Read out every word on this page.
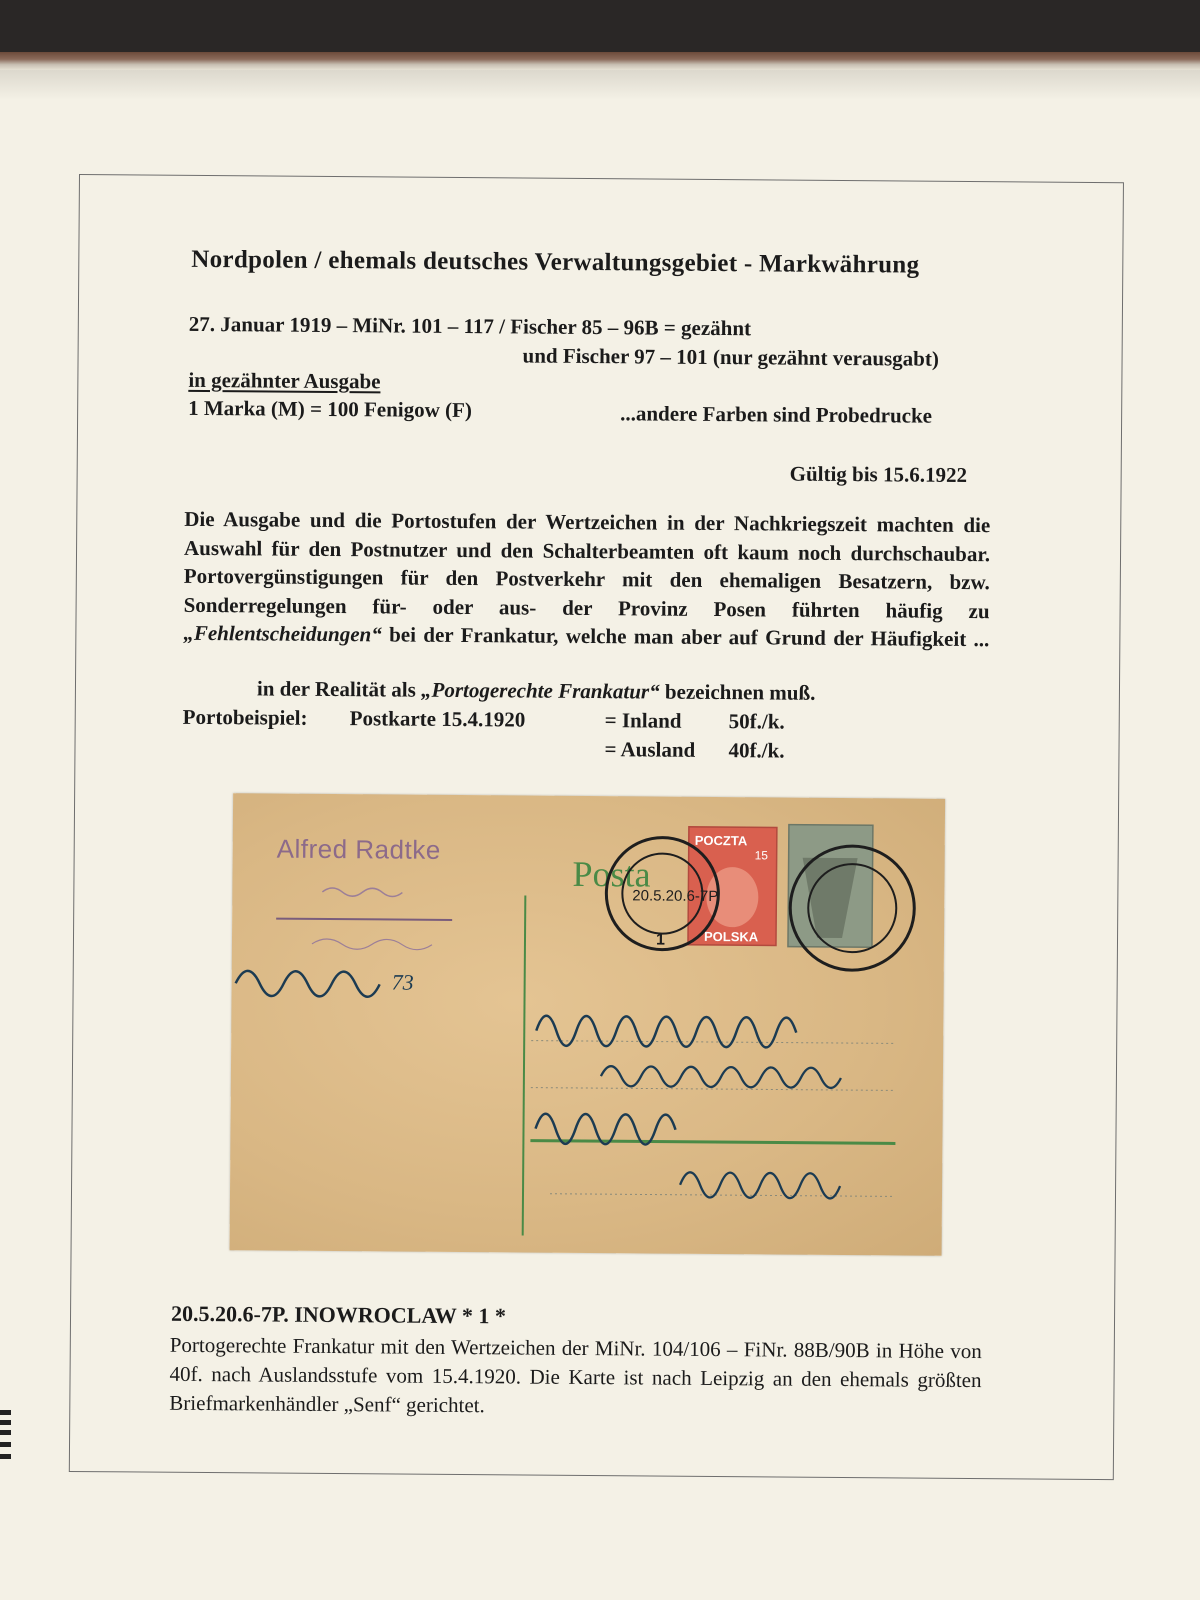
Nordpolen / ehemals deutsches Verwaltungsgebiet - Markwährung
27. Januar 1919 – MiNr. 101 – 117 / Fischer 85 – 96B = gezähnt
und Fischer 97 – 101 (nur gezähnt verausgabt)
in gezähnter Ausgabe
1 Marka (M) = 100 Fenigow (F)	...andere Farben sind Probedrucke
Gültig bis 15.6.1922
Die Ausgabe und die Portostufen der Wertzeichen in der Nachkriegszeit machten die Auswahl für den Postnutzer und den Schalterbeamten oft kaum noch durchschaubar. Portovergünstigungen für den Postverkehr mit den ehemaligen Besatzern, bzw. Sonderregelungen für- oder aus- der Provinz Posen führten häufig zu „Fehlentscheidungen“ bei der Frankatur, welche man aber auf Grund der Häufigkeit ...
in der Realität als „Portogerechte Frankatur“ bezeichnen muß.
Portobeispiel: Postkarte 15.4.1920	= Inland 50f./k.
= Ausland 40f./k.
Alfred Radtke
73
Posta
POCZTA
15
POLSKA
20.5.20.6-7P.
1
20.5.20.6-7P. INOWROCLAW * 1 *
Portogerechte Frankatur mit den Wertzeichen der MiNr. 104/106 – FiNr. 88B/90B in Höhe von 40f. nach Auslandsstufe vom 15.4.1920. Die Karte ist nach Leipzig an den ehemals größten Briefmarkenhändler „Senf“ gerichtet.
